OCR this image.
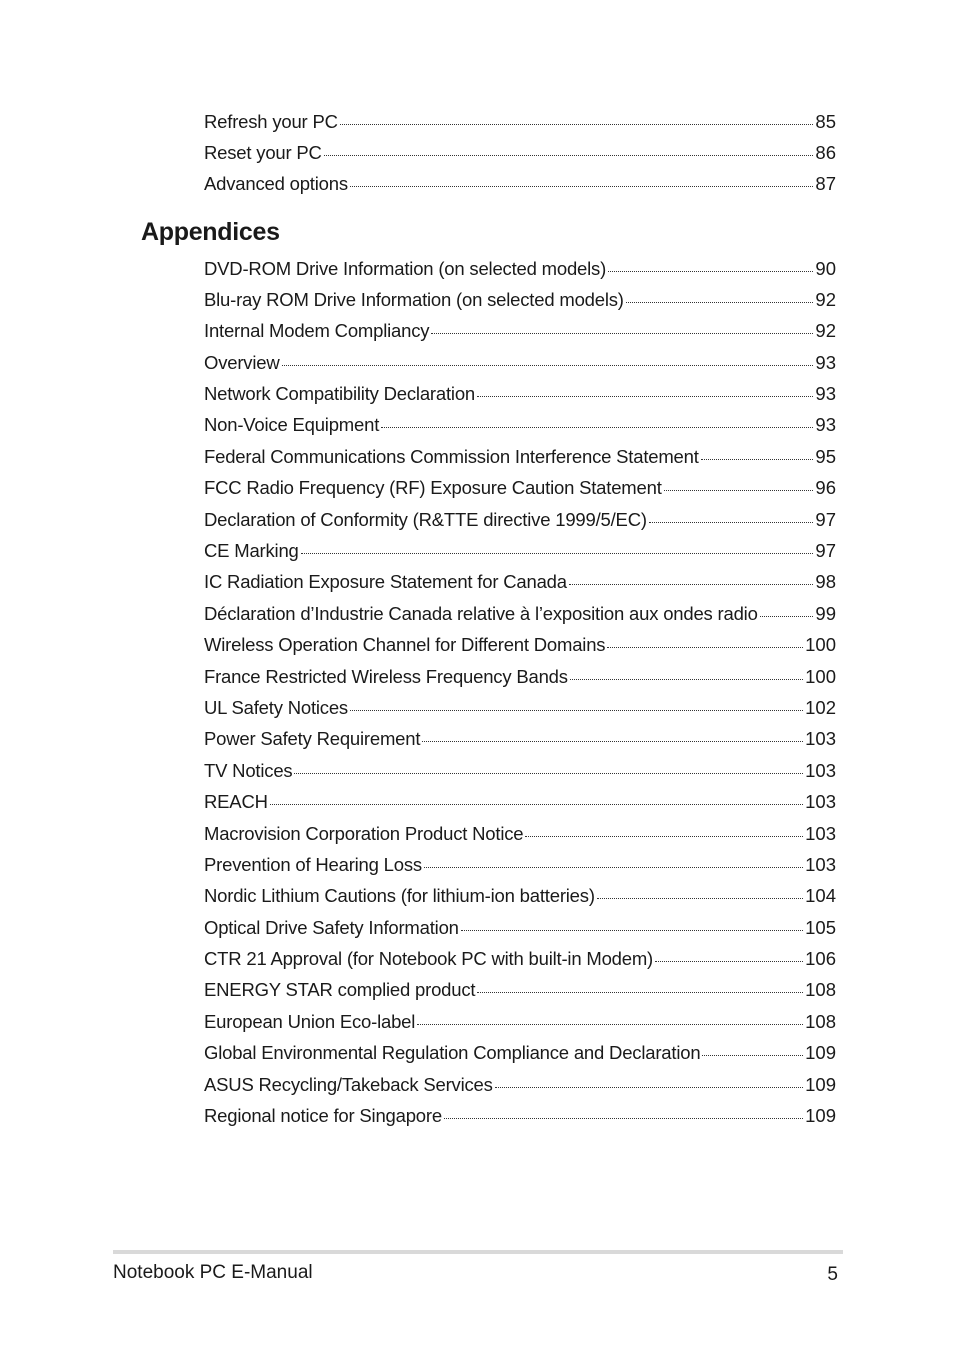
Refresh your PC	85
Reset your PC	86
Advanced options	87
Appendices
DVD-ROM Drive Information (on selected models)	90
Blu-ray ROM Drive Information (on selected models)	92
Internal Modem Compliancy	92
Overview	93
Network Compatibility Declaration	93
Non-Voice Equipment	93
Federal Communications Commission Interference Statement	95
FCC Radio Frequency (RF) Exposure Caution Statement	96
Declaration of Conformity (R&TTE directive 1999/5/EC)	97
CE Marking	97
IC Radiation Exposure Statement for Canada	98
Déclaration d’Industrie Canada relative à l’exposition aux ondes radio	99
Wireless Operation Channel for Different Domains	100
France Restricted Wireless Frequency Bands	100
UL Safety Notices	102
Power Safety Requirement	103
TV Notices	103
REACH	103
Macrovision Corporation Product Notice	103
Prevention of Hearing Loss	103
Nordic Lithium Cautions (for lithium-ion batteries)	104
Optical Drive Safety Information	105
CTR 21 Approval (for Notebook PC with built-in Modem)	106
ENERGY STAR complied product	108
European Union Eco-label	108
Global Environmental Regulation Compliance and Declaration	109
ASUS Recycling/Takeback Services	109
Regional notice for Singapore	109
Notebook PC E-Manual	5
